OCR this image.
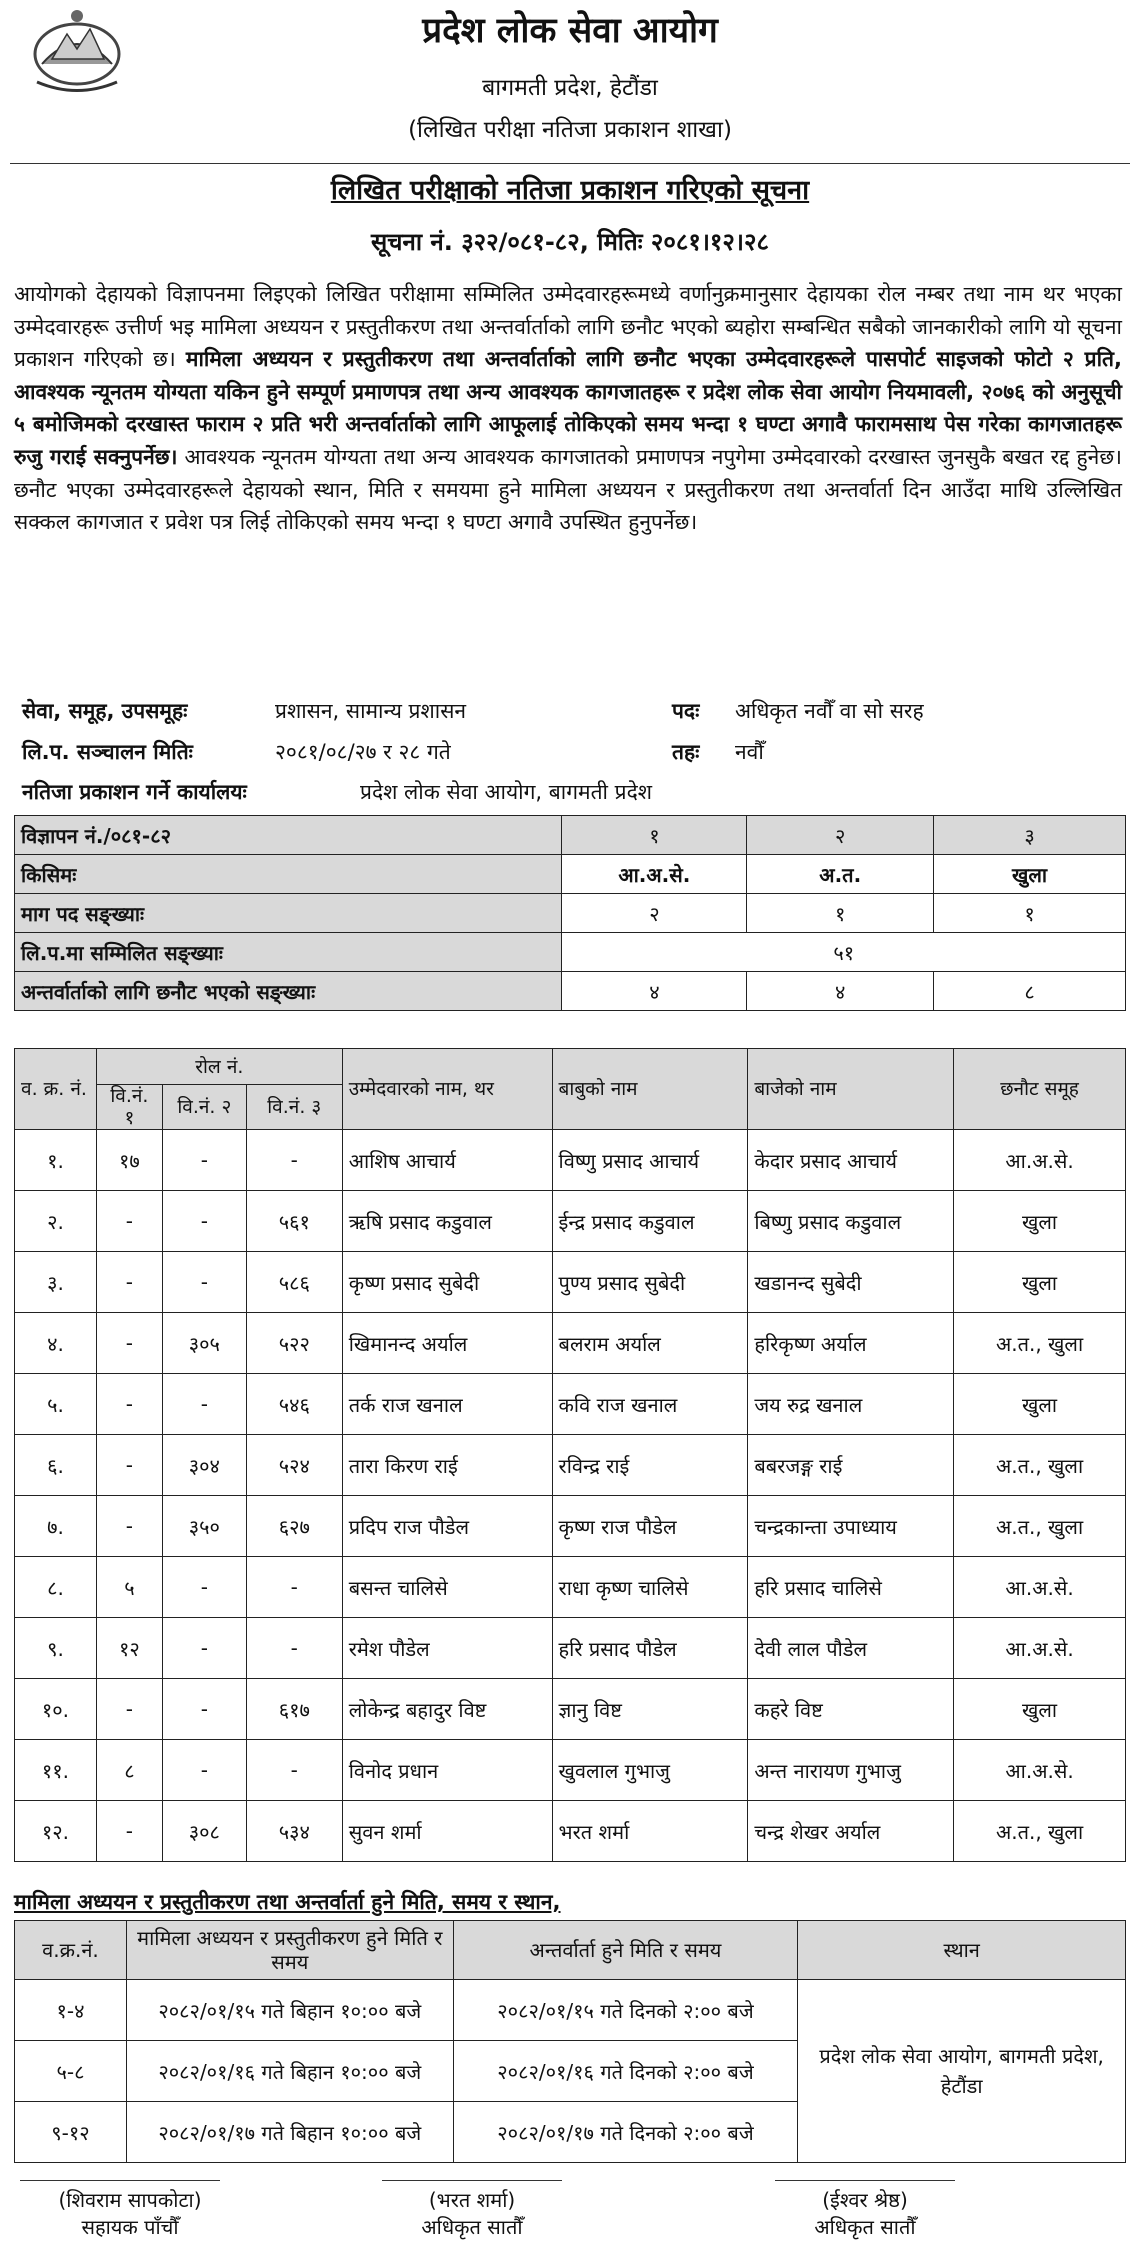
प्रदेश लोक सेवा आयोग
बागमती प्रदेश, हेटौंडा
(लिखित परीक्षा नतिजा प्रकाशन शाखा)
लिखित परीक्षाको नतिजा प्रकाशन गरिएको सूचना
सूचना नं. ३२२/०८१-८२, मितिः २०८१।१२।२८
आयोगको देहायको विज्ञापनमा लिइएको लिखित परीक्षामा सम्मिलित उम्मेदवारहरूमध्ये वर्णानुक्रमानुसार देहायका रोल नम्बर तथा नाम थर भएका उम्मेदवारहरू उत्तीर्ण भइ मामिला अध्ययन र प्रस्तुतीकरण तथा अन्तर्वार्ताको लागि छनौट भएको ब्यहोरा सम्बन्धित सबैको जानकारीको लागि यो सूचना प्रकाशन गरिएको छ। मामिला अध्ययन र प्रस्तुतीकरण तथा अन्तर्वार्ताको लागि छनौट भएका उम्मेदवारहरूले पासपोर्ट साइजको फोटो २ प्रति, आवश्यक न्यूनतम योग्यता यकिन हुने सम्पूर्ण प्रमाणपत्र तथा अन्य आवश्यक कागजातहरू र प्रदेश लोक सेवा आयोग नियमावली, २०७६ को अनुसूची ५ बमोजिमको दरखास्त फाराम २ प्रति भरी अन्तर्वार्ताको लागि आफूलाई तोकिएको समय भन्दा १ घण्टा अगावै फारामसाथ पेस गरेका कागजातहरू रुजु गराई सक्नुपर्नेछ। आवश्यक न्यूनतम योग्यता तथा अन्य आवश्यक कागजातको प्रमाणपत्र नपुगेमा उम्मेदवारको दरखास्त जुनसुकै बखत रद्द हुनेछ। छनौट भएका उम्मेदवारहरूले देहायको स्थान, मिति र समयमा हुने मामिला अध्ययन र प्रस्तुतीकरण तथा अन्तर्वार्ता दिन आउँदा माथि उल्लिखित सक्कल कागजात र प्रवेश पत्र लिई तोकिएको समय भन्दा १ घण्टा अगावै उपस्थित हुनुपर्नेछ।
सेवा, समूह, उपसमूहः	प्रशासन, सामान्य प्रशासन	पदः अधिकृत नवौँ वा सो सरह
लि.प. सञ्चालन मितिः	२०८१/०८/२७ र २८ गते	तहः नवौँ
नतिजा प्रकाशन गर्ने कार्यालयः	प्रदेश लोक सेवा आयोग, बागमती प्रदेश
विज्ञापन नं./०८१-८२	१	२	३
किसिमः	आ.अ.से.	अ.त.	खुला
माग पद सङ्ख्याः	२	१	१
लि.प.मा सम्मिलित सङ्ख्याः	५१		
अन्तर्वार्ताको लागि छनौट भएको सङ्ख्याः	४	४	८
व. क्र. नं.	रोल नं.			उम्मेदवारको नाम, थर	बाबुको नाम	बाजेको नाम	छनौट समूह
	वि.नं. १	वि.नं. २	वि.नं. ३				
१.	१७	-	-	आशिष आचार्य	विष्णु प्रसाद आचार्य	केदार प्रसाद आचार्य	आ.अ.से.
२.	-	-	५६१	ऋषि प्रसाद कडुवाल	ईन्द्र प्रसाद कडुवाल	बिष्णु प्रसाद कडुवाल	खुला
३.	-	-	५८६	कृष्ण प्रसाद सुबेदी	पुण्य प्रसाद सुबेदी	खडानन्द सुबेदी	खुला
४.	-	३०५	५२२	खिमानन्द अर्याल	बलराम अर्याल	हरिकृष्ण अर्याल	अ.त., खुला
५.	-	-	५४६	तर्क राज खनाल	कवि राज खनाल	जय रुद्र खनाल	खुला
६.	-	३०४	५२४	तारा किरण राई	रविन्द्र राई	बबरजङ्ग राई	अ.त., खुला
७.	-	३५०	६२७	प्रदिप राज पौडेल	कृष्ण राज पौडेल	चन्द्रकान्ता उपाध्याय	अ.त., खुला
८.	५	-	-	बसन्त चालिसे	राधा कृष्ण चालिसे	हरि प्रसाद चालिसे	आ.अ.से.
९.	१२	-	-	रमेश पौडेल	हरि प्रसाद पौडेल	देवी लाल पौडेल	आ.अ.से.
१०.	-	-	६१७	लोकेन्द्र बहादुर विष्ट	ज्ञानु विष्ट	कहरे विष्ट	खुला
११.	८	-	-	विनोद प्रधान	खुवलाल गुभाजु	अन्त नारायण गुभाजु	आ.अ.से.
१२.	-	३०८	५३४	सुवन शर्मा	भरत शर्मा	चन्द्र शेखर अर्याल	अ.त., खुला
मामिला अध्ययन र प्रस्तुतीकरण तथा अन्तर्वार्ता हुने मिति, समय र स्थान,
व.क्र.नं.	मामिला अध्ययन र प्रस्तुतीकरण हुने मिति र समय	अन्तर्वार्ता हुने मिति र समय	स्थान
१-४	२०८२/०१/१५ गते बिहान १०:०० बजे	२०८२/०१/१५ गते दिनको २:०० बजे	प्रदेश लोक सेवा आयोग, बागमती प्रदेश, हेटौंडा
५-८	२०८२/०१/१६ गते बिहान १०:०० बजे	२०८२/०१/१६ गते दिनको २:०० बजे	
९-१२	२०८२/०१/१७ गते बिहान १०:०० बजे	२०८२/०१/१७ गते दिनको २:०० बजे	
(शिवराम सापकोटा)
सहायक पाँचौँ
(भरत शर्मा)
अधिकृत सातौँ
(ईश्वर श्रेष्ठ)
अधिकृत सातौँ
